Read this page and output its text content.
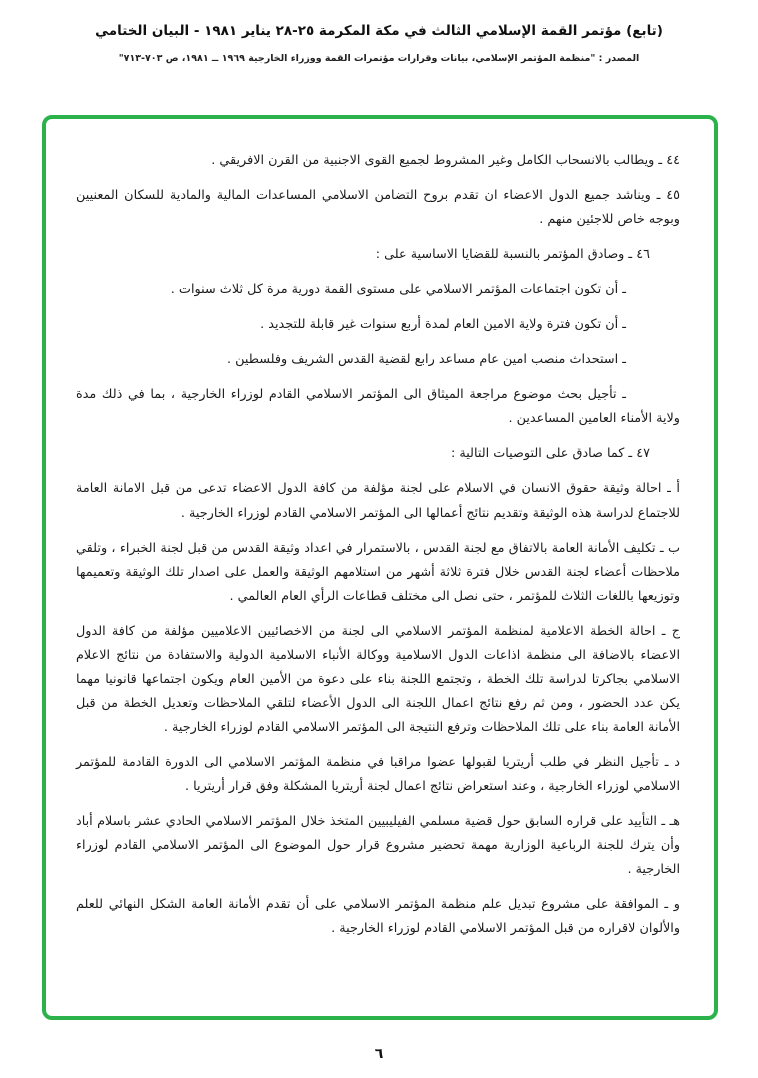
(تابع) مؤتمر القمة الإسلامي الثالث في مكة المكرمة ٢٥-٢٨ يناير ١٩٨١ - البيان الختامي
المصدر : "منظمة المؤتمر الإسلامي، بيانات وقرارات مؤتمرات القمة ووزراء الخارجية ١٩٦٩ ــ ١٩٨١، ص ٧٠٣-٧١٣"

٤٤ ـ ويطالب بالانسحاب الكامل وغير المشروط لجميع القوى الاجنبية من القرن الافريقي .

٤٥ ـ ويناشد جميع الدول الاعضاء ان تقدم بروح التضامن الاسلامي المساعدات المالية والمادية للسكان المعنيين وبوجه خاص للاجئين منهم .

٤٦ ـ وصادق المؤتمر بالنسبة للقضايا الاساسية على :

ـ أن تكون اجتماعات المؤتمر الاسلامي على مستوى القمة دورية مرة كل ثلاث سنوات .

ـ أن تكون فترة ولاية الامين العام لمدة أربع سنوات غير قابلة للتجديد .

ـ استحداث منصب امين عام مساعد رابع لقضية القدس الشريف وفلسطين .

ـ تأجيل بحث موضوع مراجعة الميثاق الى المؤتمر الاسلامي القادم لوزراء الخارجية ، بما في ذلك مدة ولاية الأمناء العامين المساعدين .

٤٧ ـ كما صادق على التوصيات التالية :

أ ـ احالة وثيقة حقوق الانسان في الاسلام على لجنة مؤلفة من كافة الدول الاعضاء تدعى من قبل الامانة العامة للاجتماع لدراسة هذه الوثيقة وتقديم نتائج أعمالها الى المؤتمر الاسلامي القادم لوزراء الخارجية .

ب ـ تكليف الأمانة العامة بالاتفاق مع لجنة القدس ، بالاستمرار في اعداد وثيقة القدس من قبل لجنة الخبراء ، وتلقي ملاحظات أعضاء لجنة القدس خلال فترة ثلاثة أشهر من استلامهم الوثيقة والعمل على اصدار تلك الوثيقة وتعميمها وتوزيعها باللغات الثلاث للمؤتمر ، حتى نصل الى مختلف قطاعات الرأي العام العالمي .

ج ـ احالة الخطة الاعلامية لمنظمة المؤتمر الاسلامي الى لجنة من الاخصائيين الاعلاميين مؤلفة من كافة الدول الاعضاء بالاضافة الى منظمة اذاعات الدول الاسلامية ووكالة الأنباء الاسلامية الدولية والاستفادة من نتائج الاعلام الاسلامي بجاكرتا لدراسة تلك الخطة ، وتجتمع اللجنة بناء على دعوة من الأمين العام ويكون اجتماعها قانونيا مهما يكن عدد الحضور ، ومن ثم رفع نتائج اعمال اللجنة الى الدول الأعضاء لتلقي الملاحظات وتعديل الخطة من قبل الأمانة العامة بناء على تلك الملاحظات وترفع النتيجة الى المؤتمر الاسلامي القادم لوزراء الخارجية .

د ـ تأجيل النظر في طلب أريتريا لقبولها عضوا مراقبا في منظمة المؤتمر الاسلامي الى الدورة القادمة للمؤتمر الاسلامي لوزراء الخارجية ، وعند استعراض نتائج اعمال لجنة أريتريا المشكلة وفق قرار أريتريا .

هـ ـ التأييد على قراره السابق حول قضية مسلمي الفيليبيين المتخذ خلال المؤتمر الاسلامي الحادي عشر باسلام أباد وأن يترك للجنة الرباعية الوزارية مهمة تحضير مشروع قرار حول الموضوع الى المؤتمر الاسلامي القادم لوزراء الخارجية .

و ـ الموافقة على مشروع تبديل علم منظمة المؤتمر الاسلامي على أن تقدم الأمانة العامة الشكل النهائي للعلم والألوان لاقراره من قبل المؤتمر الاسلامي القادم لوزراء الخارجية .

٦
